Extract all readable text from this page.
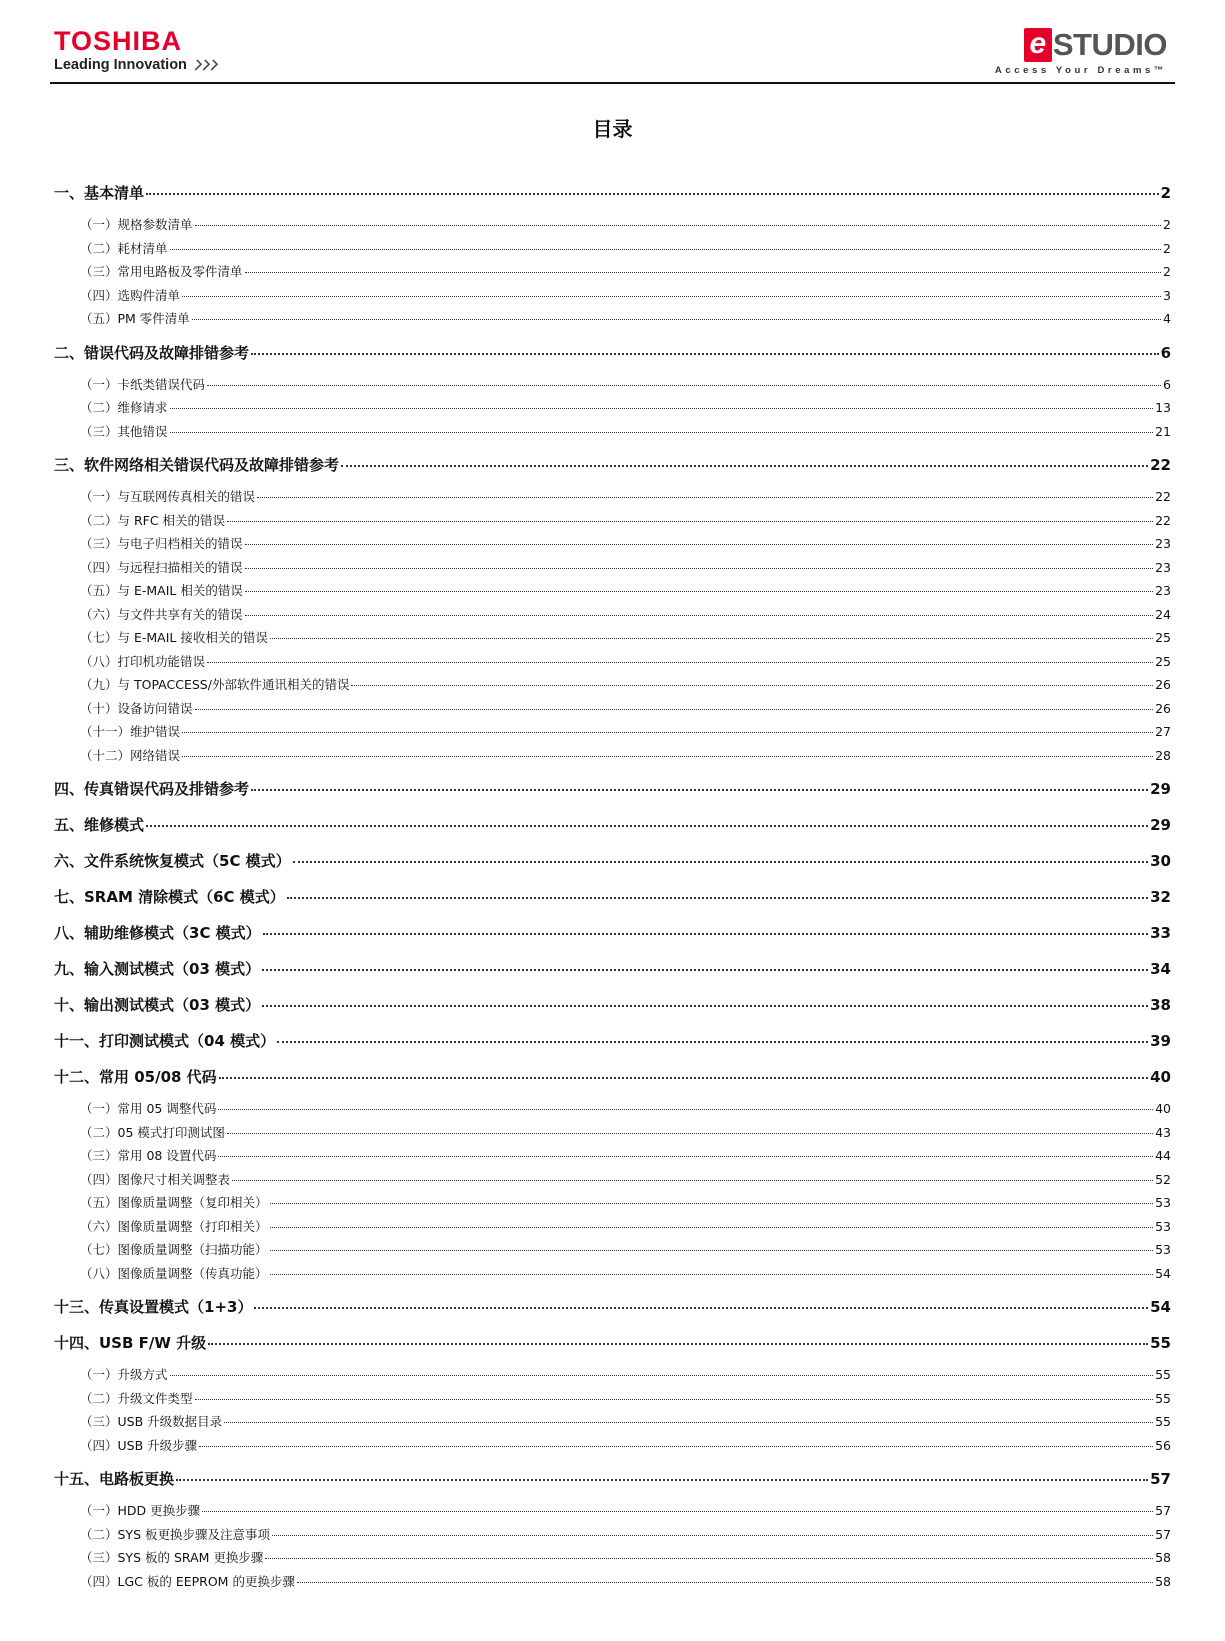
TOSHIBA
Leading Innovation
e STUDIO
Access Your Dreams™
目录
一、基本清单	2
（一）规格参数清单	2
（二）耗材清单	2
（三）常用电路板及零件清单	2
（四）选购件清单	3
（五）PM 零件清单	4
二、错误代码及故障排错参考	6
（一）卡纸类错误代码	6
（二）维修请求	13
（三）其他错误	21
三、软件网络相关错误代码及故障排错参考	22
（一）与互联网传真相关的错误	22
（二）与 RFC 相关的错误	22
（三）与电子归档相关的错误	23
（四）与远程扫描相关的错误	23
（五）与 E-MAIL 相关的错误	23
（六）与文件共享有关的错误	24
（七）与 E-MAIL 接收相关的错误	25
（八）打印机功能错误	25
（九）与 TOPACCESS/外部软件通讯相关的错误	26
（十）设备访问错误	26
（十一）维护错误	27
（十二）网络错误	28
四、传真错误代码及排错参考	29
五、维修模式	29
六、文件系统恢复模式（5C 模式）	30
七、SRAM 清除模式（6C 模式）	32
八、辅助维修模式（3C 模式）	33
九、输入测试模式（03 模式）	34
十、输出测试模式（03 模式）	38
十一、打印测试模式（04 模式）	39
十二、常用 05/08 代码	40
（一）常用 05 调整代码	40
（二）05 模式打印测试图	43
（三）常用 08 设置代码	44
（四）图像尺寸相关调整表	52
（五）图像质量调整（复印相关）	53
（六）图像质量调整（打印相关）	53
（七）图像质量调整（扫描功能）	53
（八）图像质量调整（传真功能）	54
十三、传真设置模式（1+3）	54
十四、USB F/W 升级	55
（一）升级方式	55
（二）升级文件类型	55
（三）USB 升级数据目录	55
（四）USB 升级步骤	56
十五、电路板更换	57
（一）HDD 更换步骤	57
（二）SYS 板更换步骤及注意事项	57
（三）SYS 板的 SRAM 更换步骤	58
（四）LGC 板的 EEPROM 的更换步骤	58
